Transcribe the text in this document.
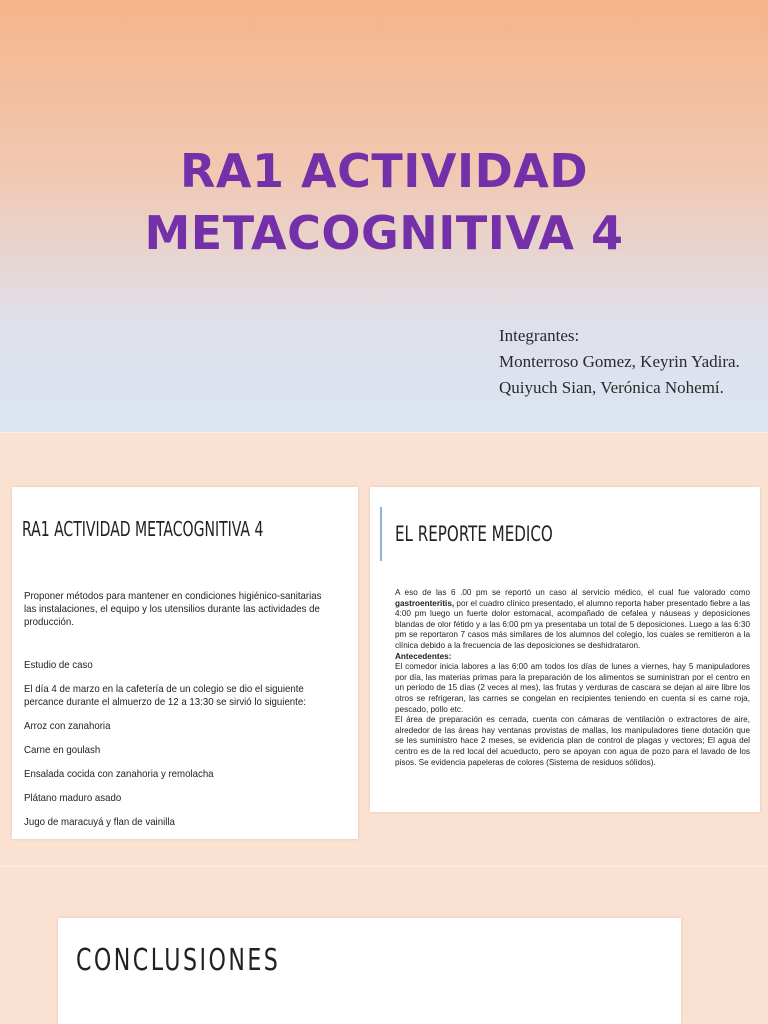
RA1 ACTIVIDAD
METACOGNITIVA 4
Integrantes:
Monterroso Gomez, Keyrin Yadira.
Quiyuch Sian, Verónica Nohemí.
RA1 ACTIVIDAD METACOGNITIVA 4

Proponer métodos para mantener en condiciones higiénico-sanitarias las instalaciones, el equipo y los utensilios durante las actividades de producción.

Estudio de caso

El día 4 de marzo en la cafetería de un colegio se dio el siguiente percance durante el almuerzo de 12 a 13:30 se sirvió lo siguiente:

Arroz con zanahoria

Carne en goulash

Ensalada cocida con zanahoria y remolacha

Plátano maduro asado

Jugo de maracuyá y flan de vainilla

EL REPORTE MEDICO

A eso de las 6 .00 pm se reportó un caso al servicio médico, el cual fue valorado como gastroenteritis, por el cuadro clínico presentado, el alumno reporta haber presentado fiebre a las 4:00 pm luego un fuerte dolor estomacal, acompañado de cefalea y náuseas y deposiciones blandas de olor fétido y a las 6:00 pm ya presentaba un total de 5 deposiciones. Luego a las 6:30 pm se reportaron 7 casos más similares de los alumnos del colegio, los cuales se remitieron a la clínica debido a la frecuencia de las deposiciones se deshidrataron.

Antecedentes:

El comedor inicia labores a las 6:00 am todos los días de lunes a viernes, hay 5 manipuladores por día, las materias primas para la preparación de los alimentos se suministran por el centro en un periodo de 15 días (2 veces al mes), las frutas y verduras de cascara se dejan al aire libre los otros se refrigeran, las carnes se congelan en recipientes teniendo en cuenta si es carne roja, pescado, pollo etc.

El área de preparación es cerrada, cuenta con cámaras de ventilación o extractores de aire, alrededor de las áreas hay ventanas provistas de mallas, los manipuladores tiene dotación que se les suministro hace 2 meses, se evidencia plan de control de plagas y vectores; El agua del centro es de la red local del acueducto, pero se apoyan con agua de pozo para el lavado de los pisos. Se evidencia papeleras de colores (Sistema de residuos sólidos).

CONCLUSIONES
